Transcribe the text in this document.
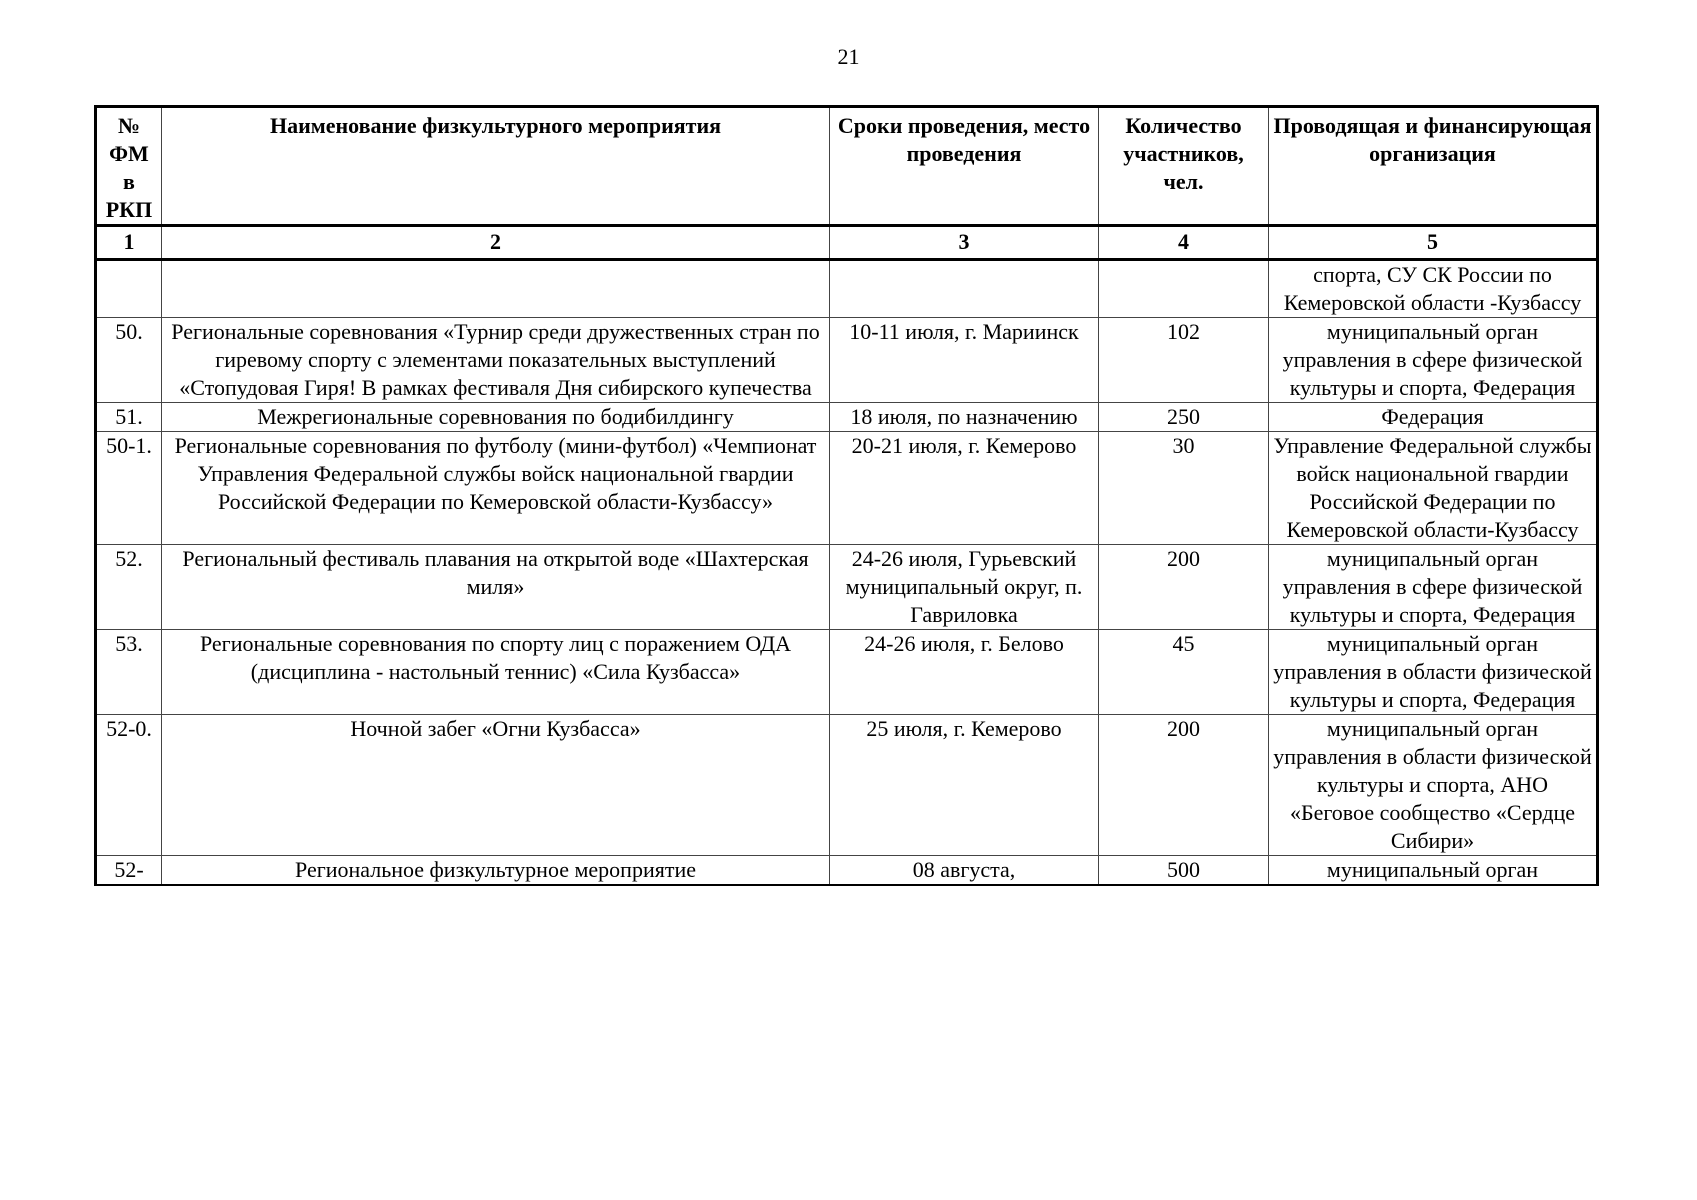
21
№ ФМ в РКП	Наименование физкультурного мероприятия	Сроки проведения, место проведения	Количество участников, чел.	Проводящая и финансирующая организация
1	2	3	4	5
				спорта, СУ СК России по Кемеровской области -Кузбассу
50.	Региональные соревнования «Турнир среди дружественных стран по гиревому спорту с элементами показательных выступлений «Стопудовая Гиря! В рамках фестиваля Дня сибирского купечества	10-11 июля, г. Мариинск	102	муниципальный орган управления в сфере физической культуры и спорта, Федерация
51.	Межрегиональные соревнования по бодибилдингу	18 июля, по назначению	250	Федерация
50-1.	Региональные соревнования по футболу (мини-футбол) «Чемпионат Управления Федеральной службы войск национальной гвардии Российской Федерации по Кемеровской области-Кузбассу»	20-21 июля, г. Кемерово	30	Управление Федеральной службы войск национальной гвардии Российской Федерации по Кемеровской области-Кузбассу
52.	Региональный фестиваль плавания на открытой воде «Шахтерская миля»	24-26 июля, Гурьевский муниципальный округ, п. Гавриловка	200	муниципальный орган управления в сфере физической культуры и спорта, Федерация
53.	Региональные соревнования по спорту лиц с поражением ОДА (дисциплина - настольный теннис) «Сила Кузбасса»	24-26 июля, г. Белово	45	муниципальный орган управления в области физической культуры и спорта, Федерация
52-0.	Ночной забег «Огни Кузбасса»	25 июля, г. Кемерово	200	муниципальный орган управления в области физической культуры и спорта, АНО «Беговое сообщество «Сердце Сибири»
52-	Региональное физкультурное мероприятие	08 августа,	500	муниципальный орган
